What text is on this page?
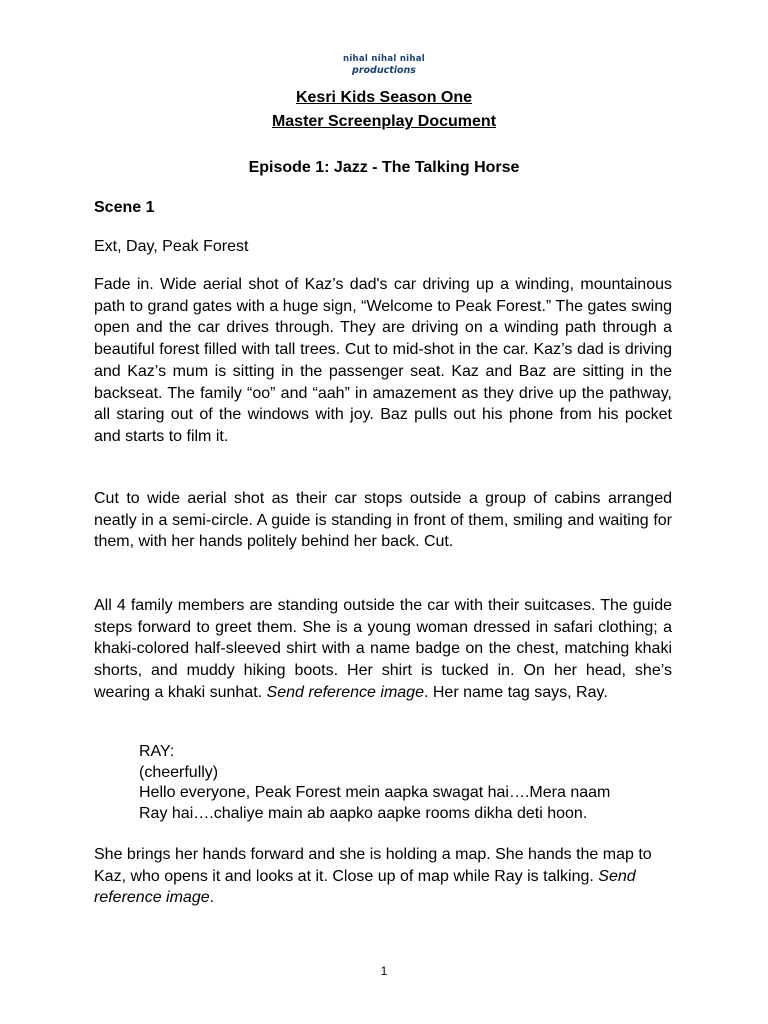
nihal nihal nihal
productions
Kesri Kids Season One
Master Screenplay Document
Episode 1: Jazz - The Talking Horse
Scene 1
Ext, Day, Peak Forest

Fade in. Wide aerial shot of Kaz’s dad's car driving up a winding, mountainous path to grand gates with a huge sign, “Welcome to Peak Forest.” The gates swing open and the car drives through. They are driving on a winding path through a beautiful forest filled with tall trees. Cut to mid-shot in the car. Kaz’s dad is driving and Kaz’s mum is sitting in the passenger seat. Kaz and Baz are sitting in the backseat. The family “oo” and “aah” in amazement as they drive up the pathway, all staring out of the windows with joy. Baz pulls out his phone from his pocket and starts to film it.

Cut to wide aerial shot as their car stops outside a group of cabins arranged neatly in a semi-circle. A guide is standing in front of them, smiling and waiting for them, with her hands politely behind her back. Cut.

All 4 family members are standing outside the car with their suitcases. The guide steps forward to greet them. She is a young woman dressed in safari clothing; a khaki-colored half-sleeved shirt with a name badge on the chest, matching khaki shorts, and muddy hiking boots. Her shirt is tucked in. On her head, she’s wearing a khaki sunhat. Send reference image. Her name tag says, Ray.

RAY:
(cheerfully)
Hello everyone, Peak Forest mein aapka swagat hai….Mera naam
Ray hai….chaliye main ab aapko aapke rooms dikha deti hoon.

She brings her hands forward and she is holding a map. She hands the map to Kaz, who opens it and looks at it. Close up of map while Ray is talking. Send reference image.

1
